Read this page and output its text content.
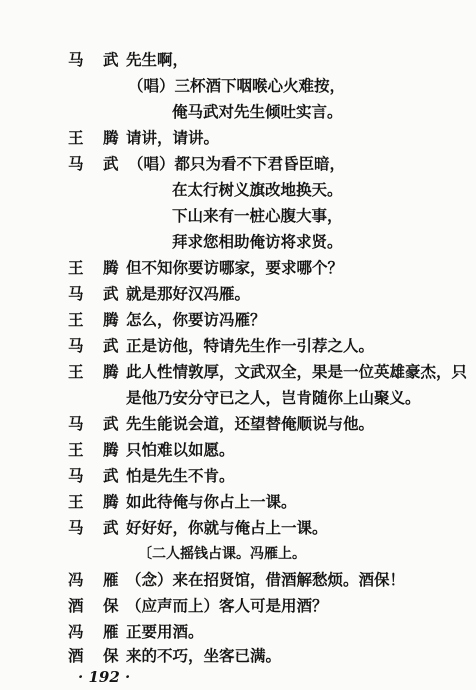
马　武 先生啊，
（唱）三杯酒下咽喉心火难按，
俺马武对先生倾吐实言。
王　腾 请讲，请讲。
马　武 （唱）都只为看不下君昏臣暗，
在太行树义旗改地换天。
下山来有一桩心腹大事，
拜求您相助俺访将求贤。
王　腾 但不知你要访哪家，要求哪个？
马　武 就是那好汉冯雁。
王　腾 怎么，你要访冯雁？
马　武 正是访他，特请先生作一引荐之人。
王　腾 此人性情敦厚，文武双全，果是一位英雄豪杰，只
是他乃安分守已之人，岂肯随你上山聚义。
马　武 先生能说会道，还望替俺顺说与他。
王　腾 只怕难以如愿。
马　武 怕是先生不肯。
王　腾 如此待俺与你占上一课。
马　武 好好好，你就与俺占上一课。
〔二人摇钱占课。冯雁上。
· 192 ·
冯　雁 （念）来在招贤馆，借酒解愁烦。酒保！
酒　保 （应声而上）客人可是用酒？
冯　雁 正要用酒。
酒　保 来的不巧，坐客已满。
